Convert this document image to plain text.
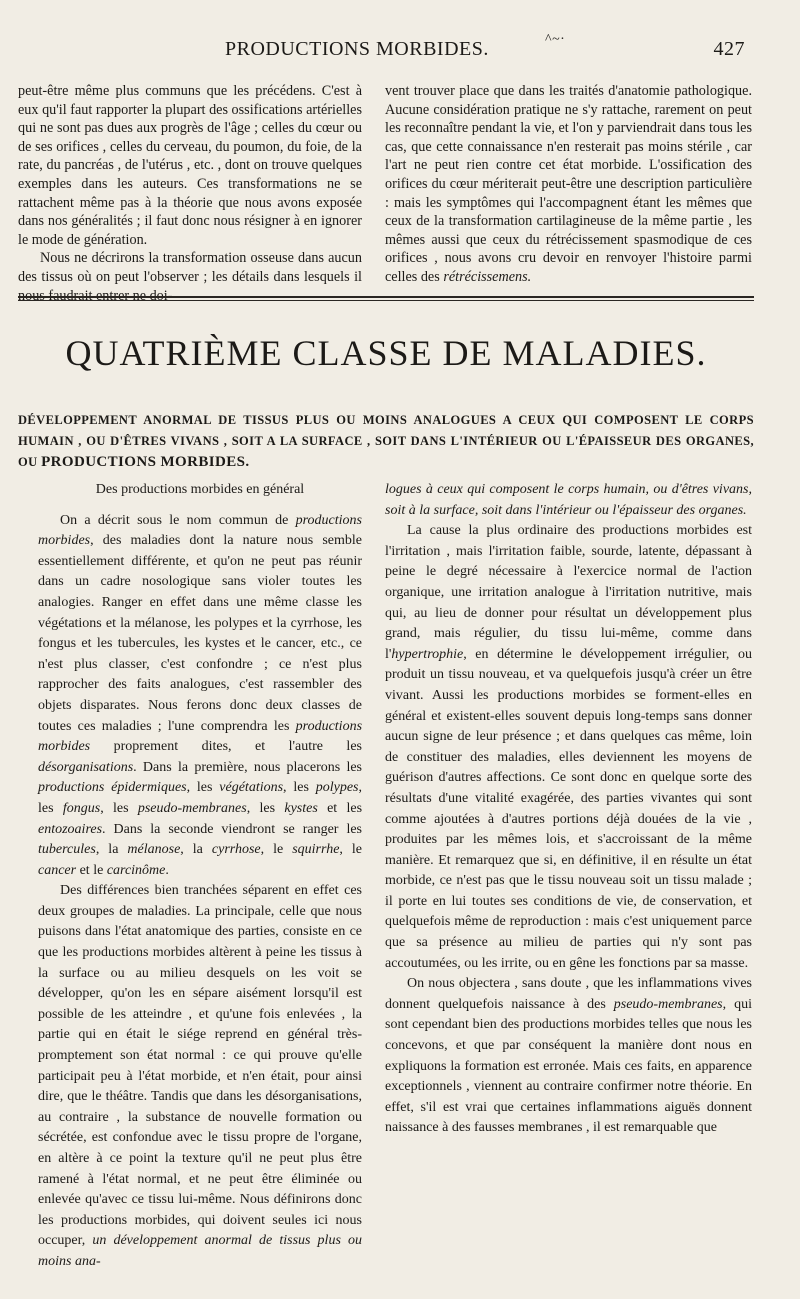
PRODUCTIONS MORBIDES.	^~·	427

peut-être même plus communs que les précédens. C'est à eux qu'il faut rapporter la plupart des ossifications artérielles qui ne sont pas dues aux progrès de l'âge ; celles du cœur ou de ses orifices , celles du cerveau, du poumon, du foie, de la rate, du pancréas , de l'utérus , etc. , dont on trouve quelques exemples dans les auteurs. Ces transformations ne se rattachent même pas à la théorie que nous avons exposée dans nos généralités ; il faut donc nous résigner à en ignorer le mode de génération.

Nous ne décrirons la transformation osseuse dans aucun des tissus où on peut l'observer ; les détails dans lesquels il

vent trouver place que dans les traités d'anatomie pathologique. Aucune considération pratique ne s'y rattache, rarement on peut les reconnaître pendant la vie, et l'on y parviendrait dans tous les cas, que cette connaissance n'en resterait pas moins stérile , car l'art ne peut rien contre cet état morbide. L'ossification des orifices du cœur mériterait peut-être une description particulière : mais les symptômes qui l'accompagnent étant les mêmes que ceux de la transformation cartilagineuse de la même partie , les mêmes aussi que ceux du rétrécissement spasmodique de ces orifices , nous avons cru devoir en renvoyer l'histoire parmi celles des rétrécissemens.

QUATRIÈME CLASSE DE MALADIES.
DÉVELOPPEMENT ANORMAL DE TISSUS PLUS OU MOINS ANALOGUES A CEUX QUI COMPOSENT LE CORPS HUMAIN , OU D'ÊTRES VIVANS , SOIT A LA SURFACE , SOIT DANS L'INTÉRIEUR OU L'ÉPAISSEUR DES ORGANES, OU PRODUCTIONS MORBIDES.

Des productions morbides en général

On a décrit sous le nom commun de productions morbides, des maladies dont la nature nous semble essentiellement différente, et qu'on ne peut pas réunir dans un cadre nosologique sans violer toutes les analogies. Ranger en effet dans une même classe les végétations et la mélanose, les polypes et la cyrrhose, les fongus et les tubercules, les kystes et le cancer, etc., ce n'est plus classer, c'est confondre ; ce n'est plus rapprocher des faits analogues, c'est rassembler des objets disparates. Nous ferons donc deux classes de toutes ces maladies ; l'une comprendra les productions morbides proprement dites, et l'autre les désorganisations. Dans la première, nous placerons les productions épidermiques, les végétations, les polypes, les fongus, les pseudo-membranes, les kystes et les entozoaires. Dans la seconde viendront se ranger les tubercules, la mélanose, la cyrrhose, le squirrhe, le cancer et le carcinôme.

Des différences bien tranchées séparent en effet ces deux groupes de maladies. La principale, celle que nous puisons dans l'état anatomique des parties, consiste en ce que les productions morbides altèrent à peine les tissus à la surface ou au milieu desquels on les voit se développer, qu'on les en sépare aisément lorsqu'il est possible de les atteindre , et qu'une fois enlevées , la partie qui en était le siége reprend en général très-promptement son état normal : ce qui prouve qu'elle participait peu à l'état morbide, et n'en était, pour ainsi dire, que le théâtre. Tandis que dans les désorganisations, au contraire , la substance de nouvelle formation ou sécrétée, est confondue avec le tissu propre de l'organe, en altère à ce point la texture qu'il ne peut plus être ramené à l'état normal, et ne peut être éliminée ou enlevée qu'avec ce tissu lui-même. Nous définirons donc les productions morbides, qui doivent seules ici nous occuper, un développement anormal de tissus plus ou moins ana-

logues à ceux qui composent le corps humain, ou d'êtres vivans, soit à la surface, soit dans l'intérieur ou l'épaisseur des organes.

La cause la plus ordinaire des productions morbides est l'irritation , mais l'irritation faible, sourde, latente, dépassant à peine le degré nécessaire à l'exercice normal de l'action organique, une irritation analogue à l'irritation nutritive, mais qui, au lieu de donner pour résultat un développement plus grand, mais régulier, du tissu lui-même, comme dans l'hypertrophie, en détermine le développement irrégulier, ou produit un tissu nouveau, et va quelquefois jusqu'à créer un être vivant. Aussi les productions morbides se forment-elles en général et existent-elles souvent depuis long-temps sans donner aucun signe de leur présence ; et dans quelques cas même, loin de constituer des maladies, elles deviennent les moyens de guérison d'autres affections. Ce sont donc en quelque sorte des résultats d'une vitalité exagérée, des parties vivantes qui sont comme ajoutées à d'autres portions déjà douées de la vie , produites par les mêmes lois, et s'accroissant de la même manière. Et remarquez que si, en définitive, il en résulte un état morbide, ce n'est pas que le tissu nouveau soit un tissu malade ; il porte en lui toutes ses conditions de vie, de conservation, et quelquefois même de reproduction : mais c'est uniquement parce que sa présence au milieu de parties qui n'y sont pas accoutumées, ou les irrite, ou en gêne les fonctions par sa masse.

On nous objectera , sans doute , que les inflammations vives donnent quelquefois naissance à des pseudo-membranes, qui sont cependant bien des productions morbides telles que nous les concevons, et que par conséquent la manière dont nous en expliquons la formation est erronée. Mais ces faits, en apparence exceptionnels , viennent au contraire confirmer notre théorie. En effet, s'il est vrai que certaines inflammations aiguës donnent naissance à des fausses membranes , il est remarquable que
